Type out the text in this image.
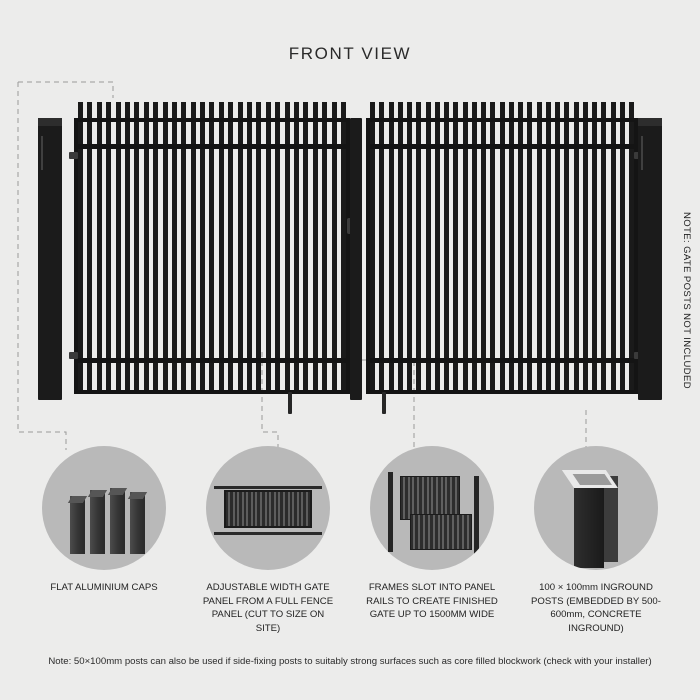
FRONT VIEW
NOTE: GATE POSTS NOT INCLUDED
FLAT ALUMINIUM CAPS	ADJUSTABLE WIDTH GATE PANEL FROM A FULL FENCE PANEL (CUT TO SIZE ON SITE)
FRAMES SLOT INTO PANEL RAILS TO CREATE FINISHED GATE UP TO 1500MM WIDE
100 × 100mm INGROUND POSTS (EMBEDDED BY 500-600mm, CONCRETE INGROUND)
Note: 50×100mm posts can also be used if side-fixing posts to suitably strong surfaces such as core filled blockwork (check with your installer)
